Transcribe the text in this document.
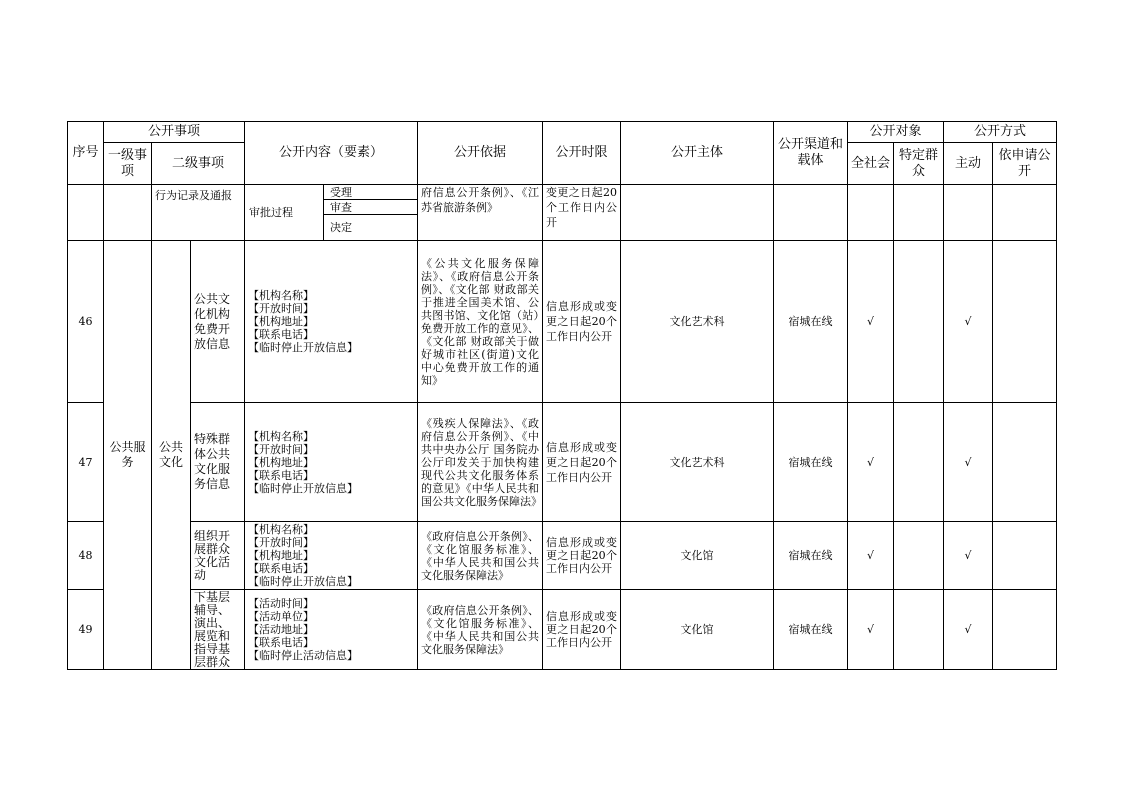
序号	公开事项			公开内容（要素）	公开依据	公开时限	公开主体	公开渠道和载体	公开对象		公开方式	
	一级事项	二级事项							全社会	特定群众	主动	依申请公开
		行为记录及通报		审批过程
受理
审查
决定	府信息公开条例》、《江苏省旅游条例》	变更之日起20个工作日内公开						
46	公共服务	公共文化	公共文化机构免费开放信息	【机构名称】
【开放时间】
【机构地址】
【联系电话】
【临时停止开放信息】	《公共文化服务保障法》、《政府信息公开条例》、《文化部 财政部关于推进全国美术馆、公共图书馆、文化馆（站）免费开放工作的意见》、《文化部 财政部关于做好城市社区(街道)文化中心免费开放工作的通知》	信息形成或变更之日起20个工作日内公开	文化艺术科	宿城在线	√		√	
47			特殊群体公共文化服务信息	【机构名称】
【开放时间】
【机构地址】
【联系电话】
【临时停止开放信息】	《残疾人保障法》、《政府信息公开条例》、《中共中央办公厅 国务院办公厅印发关于加快构建现代公共文化服务体系的意见》《中华人民共和国公共文化服务保障法》	信息形成或变更之日起20个工作日内公开	文化艺术科	宿城在线	√		√	
48			组织开展群众文化活动	【机构名称】
【开放时间】
【机构地址】
【联系电话】
【临时停止开放信息】	《政府信息公开条例》、《文化馆服务标准》、《中华人民共和国公共文化服务保障法》	信息形成或变更之日起20个工作日内公开	文化馆	宿城在线	√		√	
49			下基层辅导、演出、展览和指导基层群众	【活动时间】
【活动单位】
【活动地址】
【联系电话】
【临时停止活动信息】	《政府信息公开条例》、《文化馆服务标准》、《中华人民共和国公共文化服务保障法》	信息形成或变更之日起20个工作日内公开	文化馆	宿城在线	√		√	
